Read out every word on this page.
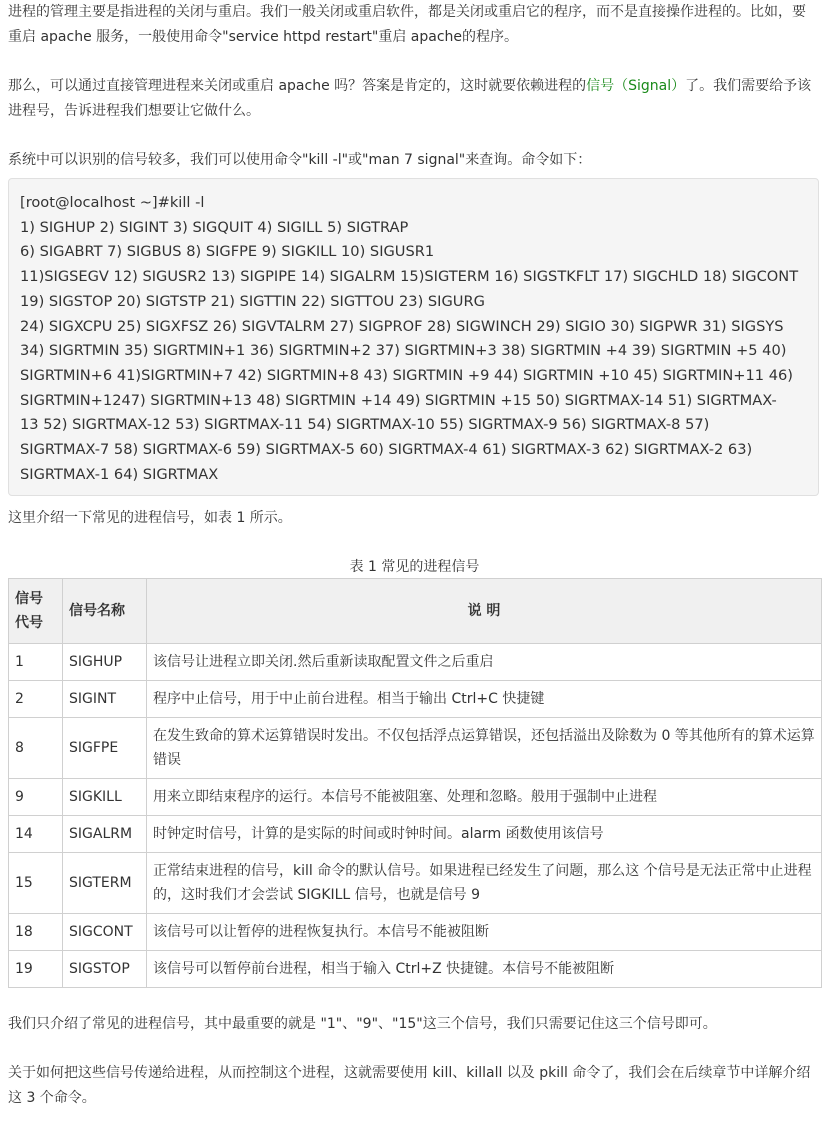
进程的管理主要是指进程的关闭与重启。我们一般关闭或重启软件，都是关闭或重启它的程序，而不是直接操作进程的。比如，要重启 apache 服务，一般使用命令"service httpd restart"重启 apache的程序。

那么，可以通过直接管理进程来关闭或重启 apache 吗？答案是肯定的，这时就要依赖进程的信号（Signal）了。我们需要给予该进程号，告诉进程我们想要让它做什么。

系统中可以识别的信号较多，我们可以使用命令"kill -l"或"man 7 signal"来查询。命令如下：

[root@localhost ~]#kill -l
1) SIGHUP 2) SIGINT 3) SIGQUIT 4) SIGILL 5) SIGTRAP
6) SIGABRT 7) SIGBUS 8) SIGFPE 9) SIGKILL 10) SIGUSR1
11)SIGSEGV 12) SIGUSR2 13) SIGPIPE 14) SIGALRM 15)SIGTERM 16) SIGSTKFLT 17) SIGCHLD 18) SIGCONT
19) SIGSTOP 20) SIGTSTP 21) SIGTTIN 22) SIGTTOU 23) SIGURG
24) SIGXCPU 25) SIGXFSZ 26) SIGVTALRM 27) SIGPROF 28) SIGWINCH 29) SIGIO 30) SIGPWR 31) SIGSYS
34) SIGRTMIN 35) SIGRTMIN+1 36) SIGRTMIN+2 37) SIGRTMIN+3 38) SIGRTMIN +4 39) SIGRTMIN +5 40)
SIGRTMIN+6 41)SIGRTMIN+7 42) SIGRTMIN+8 43) SIGRTMIN +9 44) SIGRTMIN +10 45) SIGRTMIN+11 46)
SIGRTMIN+1247) SIGRTMIN+13 48) SIGRTMIN +14 49) SIGRTMIN +15 50) SIGRTMAX-14 51) SIGRTMAX-
13 52) SIGRTMAX-12 53) SIGRTMAX-11 54) SIGRTMAX-10 55) SIGRTMAX-9 56) SIGRTMAX-8 57)
SIGRTMAX-7 58) SIGRTMAX-6 59) SIGRTMAX-5 60) SIGRTMAX-4 61) SIGRTMAX-3 62) SIGRTMAX-2 63)
SIGRTMAX-1 64) SIGRTMAX

这里介绍一下常见的进程信号，如表 1 所示。

表 1 常见的进程信号
信号
代号	信号名称	说 明
1	SIGHUP	该信号让进程立即关闭.然后重新读取配置文件之后重启
2	SIGINT	程序中止信号，用于中止前台进程。相当于输出 Ctrl+C 快捷键
8	SIGFPE	在发生致命的算术运算错误时发出。不仅包括浮点运算错误，还包括溢出及除数为 0 等其他所有的算术运算错误
9	SIGKILL	用来立即结束程序的运行。本信号不能被阻塞、处理和忽略。般用于强制中止进程
14	SIGALRM	时钟定时信号，计算的是实际的时间或时钟时间。alarm 函数使用该信号
15	SIGTERM	正常结束进程的信号，kill 命令的默认信号。如果进程已经发生了问题，那么这 个信号是无法正常中止进程的，这时我们才会尝试 SIGKILL 信号，也就是信号 9
18	SIGCONT	该信号可以让暂停的进程恢复执行。本信号不能被阻断
19	SIGSTOP	该信号可以暂停前台进程，相当于输入 Ctrl+Z 快捷键。本信号不能被阻断

我们只介绍了常见的进程信号，其中最重要的就是 "1"、"9"、"15"这三个信号，我们只需要记住这三个信号即可。

关于如何把这些信号传递给进程，从而控制这个进程，这就需要使用 kill、killall 以及 pkill 命令了，我们会在后续章节中详解介绍这 3 个命令。
